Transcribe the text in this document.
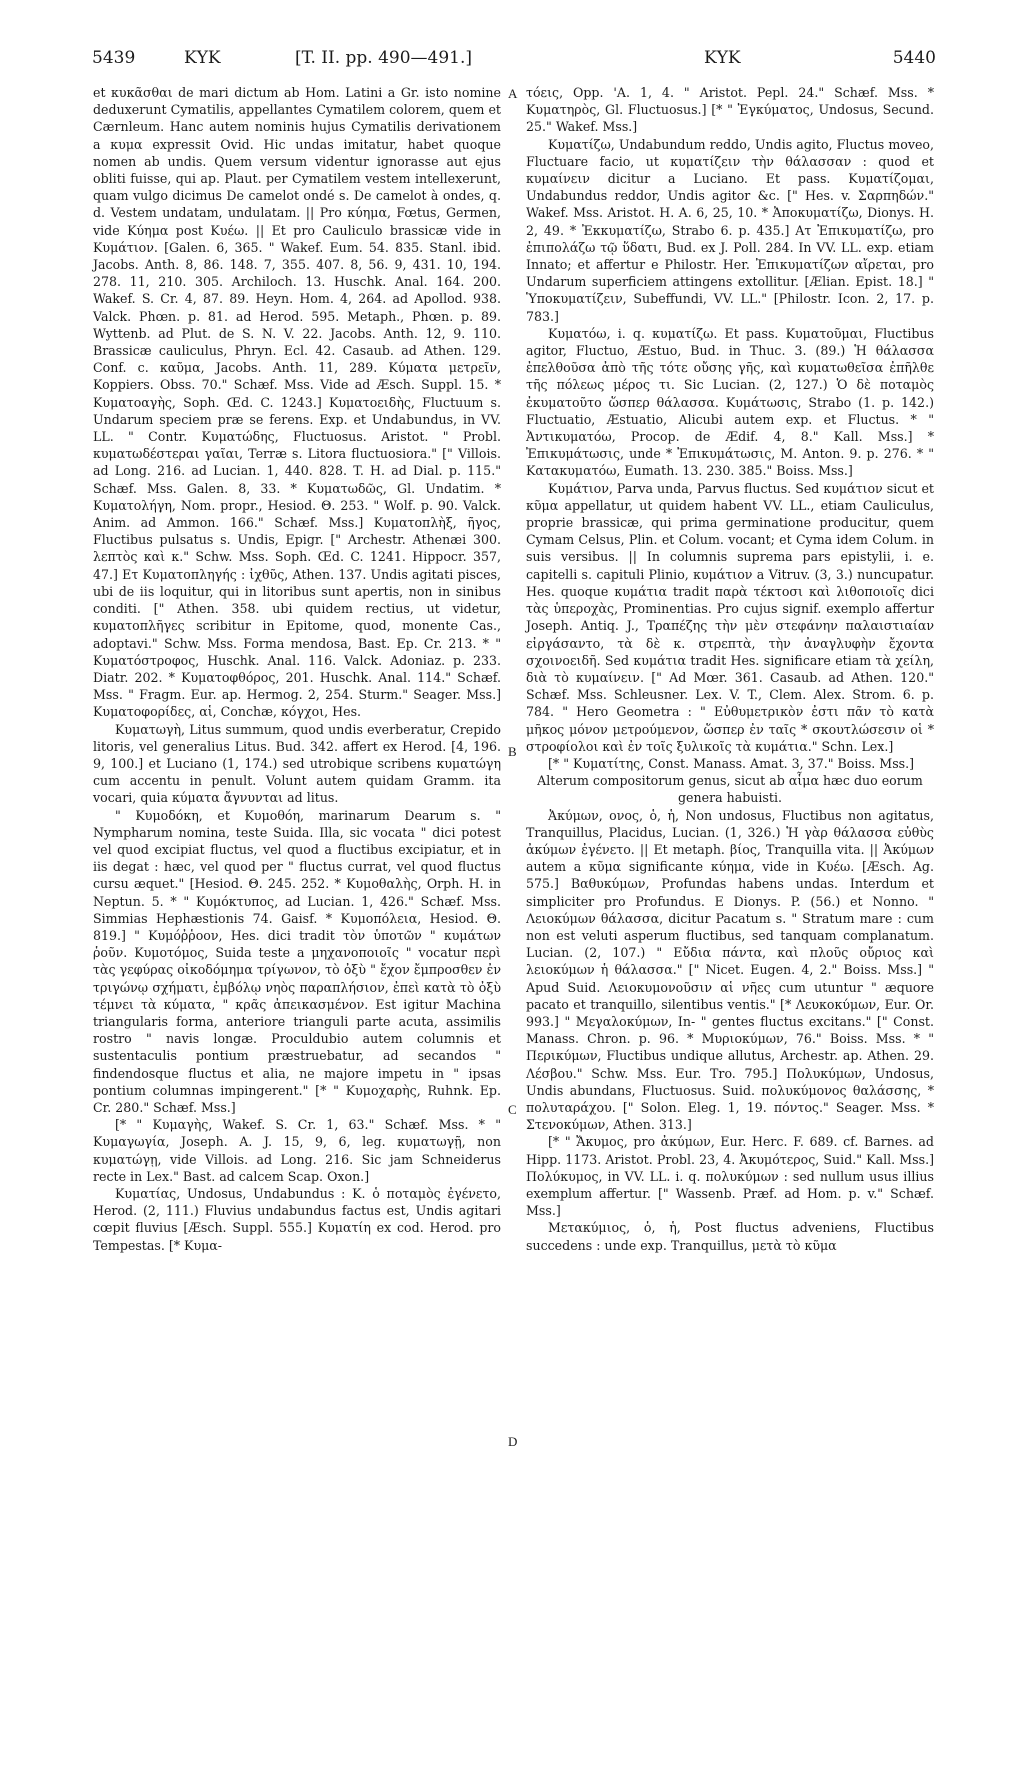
5439	ΚΥΚ	[T. II. pp. 490—491.]	ΚΥΚ	5440
A
B
C
D

et κυκᾶσθαι de mari dictum ab Hom. Latini a Gr. isto nomine deduxerunt Cymatilis, appellantes Cymatilem colorem, quem et Cærnleum. Hanc autem nominis hujus Cymatilis derivationem a κυμα expressit Ovid. Hic undas imitatur, habet quoque nomen ab undis. Quem versum videntur ignorasse aut ejus obliti fuisse, qui ap. Plaut. per Cymatilem vestem intellexerunt, quam vulgo dicimus De camelot ondé s. De camelot à ondes, q. d. Vestem undatam, undulatam. || Pro κύημα, Fœtus, Germen, vide Κύημα post Κυέω. || Et pro Cauliculo brassicæ vide in Κυμάτιον. [Galen. 6, 365. " Wakef. Eum. 54. 835. Stanl. ibid. Jacobs. Anth. 8, 86. 148. 7, 355. 407. 8, 56. 9, 431. 10, 194. 278. 11, 210. 305. Archiloch. 13. Huschk. Anal. 164. 200. Wakef. S. Cr. 4, 87. 89. Heyn. Hom. 4, 264. ad Apollod. 938. Valck. Phœn. p. 81. ad Herod. 595. Metaph., Phœn. p. 89. Wyttenb. ad Plut. de S. N. V. 22. Jacobs. Anth. 12, 9. 110. Brassicæ cauliculus, Phryn. Ecl. 42. Casaub. ad Athen. 129. Conf. c. καῦμα, Jacobs. Anth. 11, 289. Κύματα μετρεῖν, Koppiers. Obss. 70." Schæf. Mss. Vide ad Æsch. Suppl. 15. * Κυματοαγὴς, Soph. Œd. C. 1243.] Κυματοειδὴς, Fluctuum s. Undarum speciem præ se ferens. Exp. et Undabundus, in VV. LL. " Contr. Κυματώδης, Fluctuosus. Aristot. " Probl. κυματωδέστεραι γαῖαι, Terræ s. Litora fluctuosiora." [" Villois. ad Long. 216. ad Lucian. 1, 440. 828. T. H. ad Dial. p. 115." Schæf. Mss. Galen. 8, 33. * Κυματωδῶς, Gl. Undatim. * Κυματολήγη, Nom. propr., Hesiod. Θ. 253. " Wolf. p. 90. Valck. Anim. ad Ammon. 166." Schæf. Mss.] Κυματοπλὴξ, ῆγος, Fluctibus pulsatus s. Undis, Epigr. [" Archestr. Athenæi 300. λεπτὸς καὶ κ." Schw. Mss. Soph. Œd. C. 1241. Hippocr. 357, 47.] Ετ Κυματοπληγής : ἰχθῦς, Athen. 137. Undis agitati pisces, ubi de iis loquitur, qui in litoribus sunt apertis, non in sinibus conditi. [" Athen. 358. ubi quidem rectius, ut videtur, κυματοπλῆγες scribitur in Epitome, quod, monente Cas., adoptavi." Schw. Mss. Forma mendosa, Bast. Ep. Cr. 213. * " Κυματόστροφος, Huschk. Anal. 116. Valck. Adoniaz. p. 233. Diatr. 202. * Κυματοφθόρος, 201. Huschk. Anal. 114." Schæf. Mss. " Fragm. Eur. ap. Hermog. 2, 254. Sturm." Seager. Mss.] Κυματοφορίδες, αἱ, Conchæ, κόγχοι, Hes.

Κυματωγὴ, Litus summum, quod undis everberatur, Crepido litoris, vel generalius Litus. Bud. 342. affert ex Herod. [4, 196. 9, 100.] et Luciano (1, 174.) sed utrobique scribens κυματώγη cum accentu in penult. Volunt autem quidam Gramm. ita vocari, quia κύματα ἄγνυνται ad litus.

" Κυμοδόκη, et Κυμοθόη, marinarum Dearum s. " Nympharum nomina, teste Suida. Illa, sic vocata " dici potest vel quod excipiat fluctus, vel quod a fluctibus excipiatur, et in iis degat : hæc, vel quod per " fluctus currat, vel quod fluctus cursu æquet." [Hesiod. Θ. 245. 252. * Κυμοθαλὴς, Orph. H. in Neptun. 5. * " Κυμόκτυπος, ad Lucian. 1, 426." Schæf. Mss. Simmias Hephæstionis 74. Gaisf. * Κυμοπόλεια, Hesiod. Θ. 819.] " Κυμόῤῥοον, Hes. dici tradit τὸν ὑποτῶν " κυμάτων ῥοῦν. Κυμοτόμος, Suida teste a μηχανοποιοῖς " vocatur περὶ τὰς γεφύρας οἰκοδόμημα τρίγωνον, τὸ ὀξὺ " ἔχον ἔμπροσθεν ἐν τριγώνῳ σχήματι, ἐμβόλῳ νηὸς παραπλήσιον, ἐπεὶ κατὰ τὸ ὀξὺ τέμνει τὰ κύματα, " κρᾶς ἀπεικασμένον. Est igitur Machina triangularis forma, anteriore trianguli parte acuta, assimilis rostro " navis longæ. Proculdubio autem columnis et sustentaculis pontium præstruebatur, ad secandos " findendosque fluctus et alia, ne majore impetu in " ipsas pontium columnas impingerent." [* " Κυμοχαρὴς, Ruhnk. Ep. Cr. 280." Schæf. Mss.]

[* " Κυμαγὴς, Wakef. S. Cr. 1, 63." Schæf. Mss. * " Κυμαγωγία, Joseph. A. J. 15, 9, 6, leg. κυματωγῇ, non κυματώγῃ, vide Villois. ad Long. 216. Sic jam Schneiderus recte in Lex." Bast. ad calcem Scap. Oxon.]

Κυματίας, Undosus, Undabundus : Κ. ὁ ποταμὸς ἐγένετο, Herod. (2, 111.) Fluvius undabundus factus est, Undis agitari cœpit fluvius [Æsch. Suppl. 555.] Κυματίη ex cod. Herod. pro Tempestas. [* Κυμα-

τόεις, Opp. 'A. 1, 4. " Aristot. Pepl. 24." Schæf. Mss. * Κυματηρὸς, Gl. Fluctuosus.] [* " Ἐγκύματος, Undosus, Secund. 25." Wakef. Mss.]

Κυματίζω, Undabundum reddo, Undis agito, Fluctus moveo, Fluctuare facio, ut κυματίζειν τὴν θάλασσαν : quod et κυμαίνειν dicitur a Luciano. Et pass. Κυματίζομαι, Undabundus reddor, Undis agitor &c. [" Hes. v. Σαρπηδών." Wakef. Mss. Aristot. H. A. 6, 25, 10. * Ἀποκυματίζω, Dionys. H. 2, 49. * Ἐκκυματίζω, Strabo 6. p. 435.] Ατ Ἐπικυματίζω, pro ἐπιπολάζω τῷ ὕδατι, Bud. ex J. Poll. 284. In VV. LL. exp. etiam Innato; et affertur e Philostr. Her. Ἐπικυματίζων αἴρεται, pro Undarum superficiem attingens extollitur. [Ælian. Epist. 18.] " Ὑποκυματίζειν, Subeffundi, VV. LL." [Philostr. Icon. 2, 17. p. 783.]

Κυματόω, i. q. κυματίζω. Et pass. Κυματοῦμαι, Fluctibus agitor, Fluctuo, Æstuo, Bud. in Thuc. 3. (89.) Ἡ θάλασσα ἐπελθοῦσα ἀπὸ τῆς τότε οὔσης γῆς, καὶ κυματωθεῖσα ἐπῆλθε τῆς πόλεως μέρος τι. Sic Lucian. (2, 127.) Ὁ δὲ ποταμὸς ἐκυματοῦτο ὥσπερ θάλασσα. Κυμάτωσις, Strabo (1. p. 142.) Fluctuatio, Æstuatio, Alicubi autem exp. et Fluctus. * " Ἀντικυματόω, Procop. de Ædif. 4, 8." Kall. Mss.] * Ἐπικυμάτωσις, unde * Ἐπικυμάτωσις, M. Anton. 9. p. 276. * " Κατακυματόω, Eumath. 13. 230. 385." Boiss. Mss.]

Κυμάτιον, Parva unda, Parvus fluctus. Sed κυμάτιον sicut et κῦμα appellatur, ut quidem habent VV. LL., etiam Cauliculus, proprie brassicæ, qui prima germinatione producitur, quem Cymam Celsus, Plin. et Colum. vocant; et Cyma idem Colum. in suis versibus. || In columnis suprema pars epistylii, i. e. capitelli s. capituli Plinio, κυμάτιον a Vitruv. (3, 3.) nuncupatur. Hes. quoque κυμάτια tradit παρὰ τέκτοσι καὶ λιθοποιοῖς dici τὰς ὑπεροχὰς, Prominentias. Pro cujus signif. exemplo affertur Joseph. Antiq. J., Τραπέζης τὴν μὲν στεφάνην παλαιστιαίαν εἰργάσαντο, τὰ δὲ κ. στρεπτὰ, τὴν ἀναγλυφὴν ἔχοντα σχοινοειδῆ. Sed κυμάτια tradit Hes. significare etiam τὰ χείλη, διὰ τὸ κυμαίνειν. [" Ad Mœr. 361. Casaub. ad Athen. 120." Schæf. Mss. Schleusner. Lex. V. T., Clem. Alex. Strom. 6. p. 784. " Hero Geometra : " Εὐθυμετρικὸν ἐστι πᾶν τὸ κατὰ μῆκος μόνον μετρούμενον, ὥσπερ ἐν ταῖς * σκουτλώσεσιν οἱ * στροφίολοι καὶ ἐν τοῖς ξυλικοῖς τὰ κυμάτια." Schn. Lex.]

[* " Κυματίτης, Const. Manass. Amat. 3, 37." Boiss. Mss.]

Alterum compositorum genus, sicut ab αἷμα hæc duo eorum genera habuisti.

Ἀκύμων, ονος, ὁ, ἡ, Non undosus, Fluctibus non agitatus, Tranquillus, Placidus, Lucian. (1, 326.) Ἡ γὰρ θάλασσα εὐθὺς ἀκύμων ἐγένετο. || Et metaph. βίος, Tranquilla vita. || Ἀκύμων autem a κῦμα significante κύημα, vide in Κυέω. [Æsch. Ag. 575.] Βαθυκύμων, Profundas habens undas. Interdum et simpliciter pro Profundus. E Dionys. P. (56.) et Nonno. " Λειοκύμων θάλασσα, dicitur Pacatum s. " Stratum mare : cum non est veluti asperum fluctibus, sed tanquam complanatum. Lucian. (2, 107.) " Εὔδια πάντα, καὶ πλοῦς οὔριος καὶ λειοκύμων ἡ θάλασσα." [" Nicet. Eugen. 4, 2." Boiss. Mss.] " Apud Suid. Λειοκυμονοῦσιν αἱ νῆες cum utuntur " æquore pacato et tranquillo, silentibus ventis." [* Λευκοκύμων, Eur. Or. 993.] " Μεγαλοκύμων, In- " gentes fluctus excitans." [" Const. Manass. Chron. p. 96. * Μυριοκύμων, 76." Boiss. Mss. * " Περικύμων, Fluctibus undique allutus, Archestr. ap. Athen. 29. Λέσβου." Schw. Mss. Eur. Tro. 795.] Πολυκύμων, Undosus, Undis abundans, Fluctuosus. Suid. πολυκύμονος θαλάσσης, * πολυταράχου. [" Solon. Eleg. 1, 19. πόντος." Seager. Mss. * Στενοκύμων, Athen. 313.]

[* " Ἄκυμος, pro ἀκύμων, Eur. Herc. F. 689. cf. Barnes. ad Hipp. 1173. Aristot. Probl. 23, 4. Ἀκυμότερος, Suid." Kall. Mss.] Πολύκυμος, in VV. LL. i. q. πολυκύμων : sed nullum usus illius exemplum affertur. [" Wassenb. Præf. ad Hom. p. v." Schæf. Mss.]

Μετακύμιος, ὁ, ἡ, Post fluctus adveniens, Fluctibus succedens : unde exp. Tranquillus, μετὰ τὸ κῦμα
